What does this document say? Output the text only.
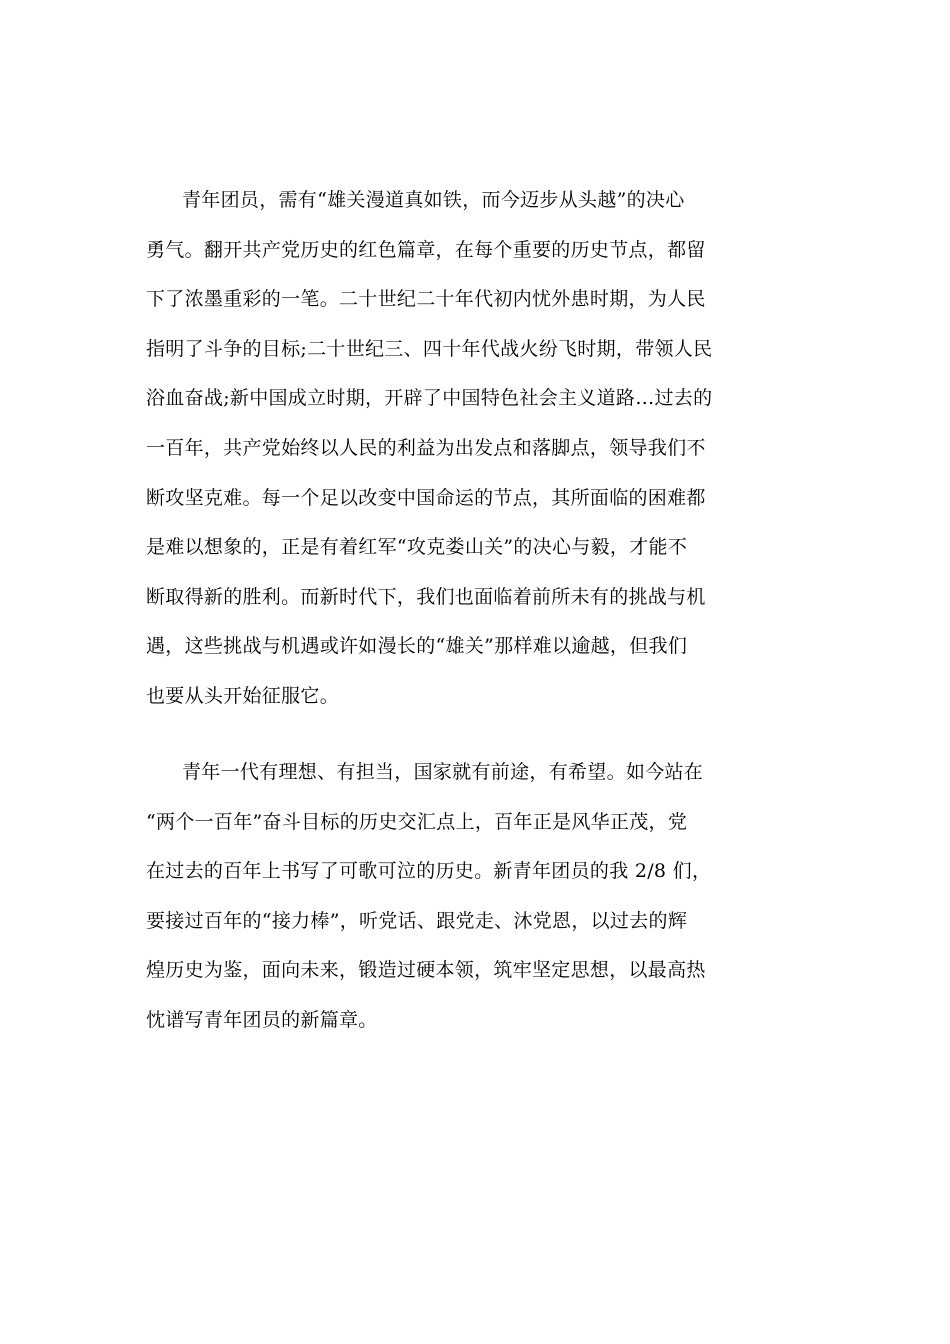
青年团员，需有“雄关漫道真如铁，而今迈步从头越”的决心
勇气。翻开共产党历史的红色篇章，在每个重要的历史节点，都留
下了浓墨重彩的一笔。二十世纪二十年代初内忧外患时期，为人民
指明了斗争的目标;二十世纪三、四十年代战火纷飞时期，带领人民
浴血奋战;新中国成立时期，开辟了中国特色社会主义道路…过去的
一百年，共产党始终以人民的利益为出发点和落脚点，领导我们不
断攻坚克难。每一个足以改变中国命运的节点，其所面临的困难都
是难以想象的，正是有着红军“攻克娄山关”的决心与毅，才能不
断取得新的胜利。而新时代下，我们也面临着前所未有的挑战与机
遇，这些挑战与机遇或许如漫长的“雄关”那样难以逾越，但我们
也要从头开始征服它。

青年一代有理想、有担当，国家就有前途，有希望。如今站在
“两个一百年”奋斗目标的历史交汇点上，百年正是风华正茂，党
在过去的百年上书写了可歌可泣的历史。新青年团员的我 2/8 们，
要接过百年的“接力棒”，听党话、跟党走、沐党恩，以过去的辉
煌历史为鉴，面向未来，锻造过硬本领，筑牢坚定思想，以最高热
忱谱写青年团员的新篇章。
